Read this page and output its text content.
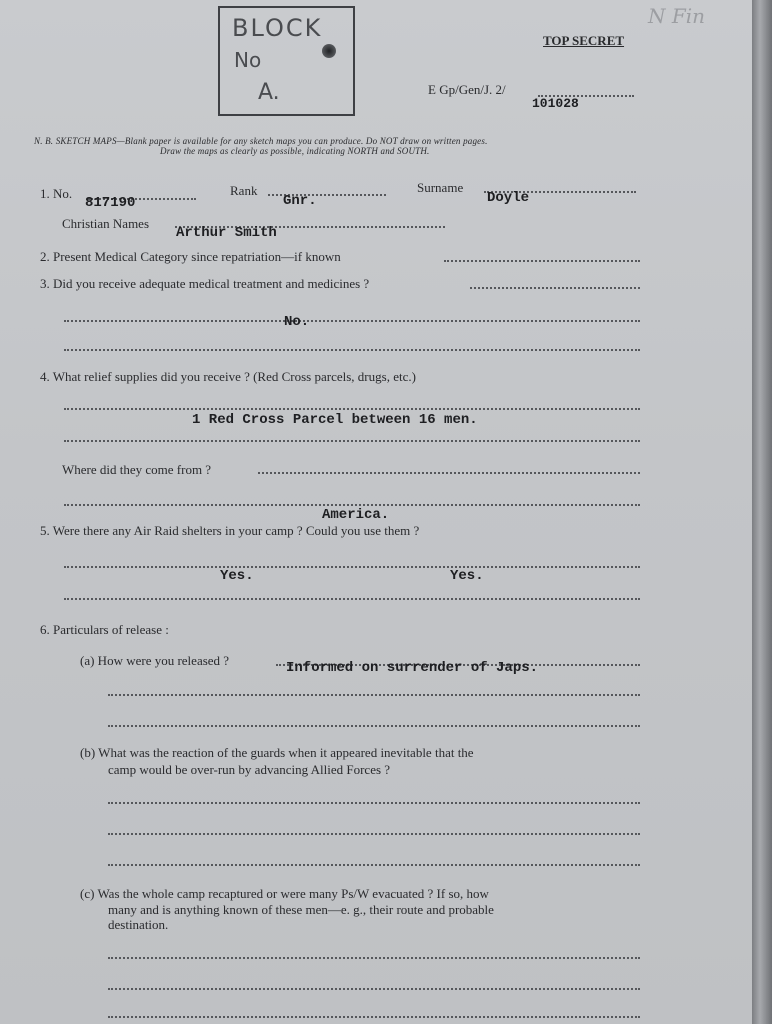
BLOCK
No
A.
N Fin
TOP SECRET
E Gp/Gen/J. 2/
101028
N. B. SKETCH MAPS—Blank paper is available for any sketch maps you can produce. Do NOT draw on written pages.
Draw the maps as clearly as possible, indicating NORTH and SOUTH.
1. No.
817190
Rank
Gnr.
Surname
Doyle
Christian Names
Arthur Smith
2. Present Medical Category since repatriation—if known
3. Did you receive adequate medical treatment and medicines ?
No.
4. What relief supplies did you receive ? (Red Cross parcels, drugs, etc.)
1 Red Cross Parcel between 16 men.
Where did they come from ?
America.
5. Were there any Air Raid shelters in your camp ? Could you use them ?
Yes.	Yes.
6. Particulars of release :
(a) How were you released ?	Informed on surrender of Japs.
(b) What was the reaction of the guards when it appeared inevitable that the
camp would be over-run by advancing Allied Forces ?
(c) Was the whole camp recaptured or were many Ps/W evacuated ? If so, how
many and is anything known of these men—e. g., their route and probable
destination.
